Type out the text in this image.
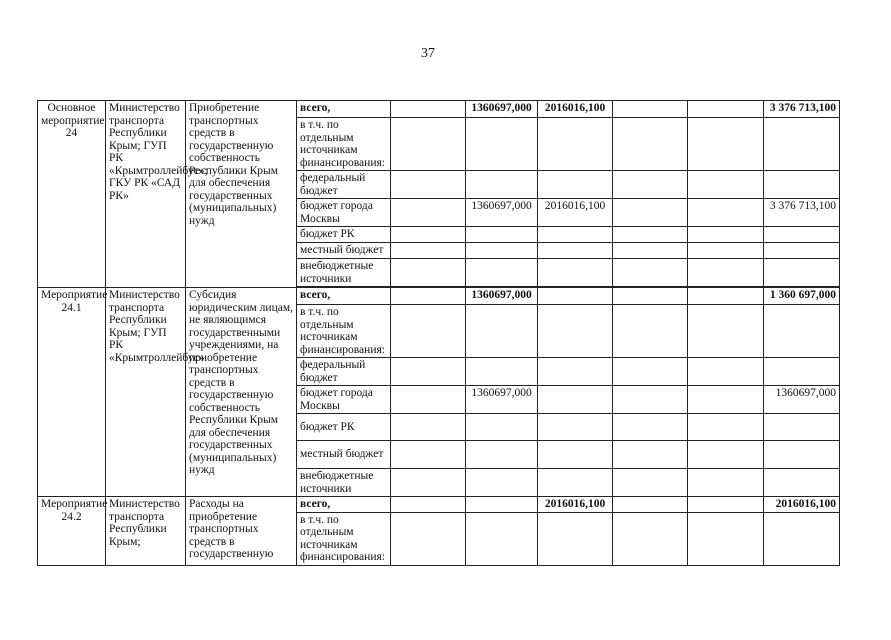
37
Основное мероприятие 24	Министерство транспорта Республики Крым; ГУП РК «Крымтроллейбус»; ГКУ РК «САД РК»	Приобретение транспортных средств в государственную собственность Республики Крым для обеспечения государственных (муниципальных) нужд	всего,		1360697,000	2016016,100			3 376 713,100
			в т.ч. по отдельным источникам финансирования:						
			федеральный бюджет						
			бюджет города Москвы		1360697,000	2016016,100			3 376 713,100
			бюджет РК						
			местный бюджет						
			внебюджетные источники						

Мероприятие 24.1	Министерство транспорта Республики Крым; ГУП РК «Крымтроллейбус»	Субсидия юридическим лицам, не являющимся государственными учреждениями, на приобретение транспортных средств в государственную собственность Республики Крым для обеспечения государственных (муниципальных) нужд	всего,		1360697,000				1 360 697,000
			в т.ч. по отдельным источникам финансирования:						
			федеральный бюджет						
			бюджет города Москвы		1360697,000				1360697,000
			бюджет РК						
			местный бюджет						
			внебюджетные источники						
Мероприятие 24.2	Министерство транспорта Республики Крым;	Расходы на приобретение транспортных средств в государственную	всего,			2016016,100			2016016,100
			в т.ч. по отдельным источникам финансирования:						
